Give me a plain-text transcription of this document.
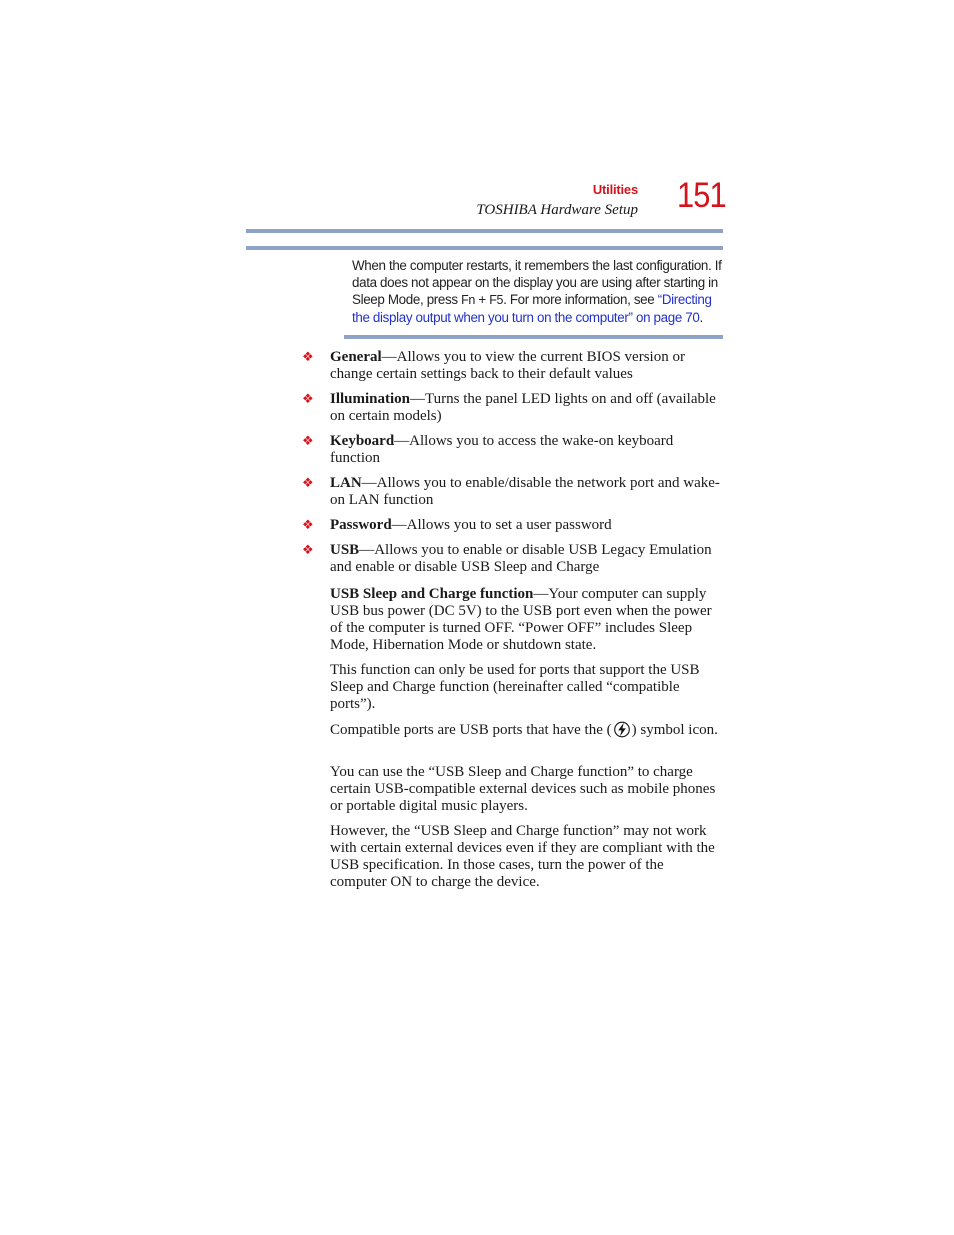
Utilities
TOSHIBA Hardware Setup 151
When the computer restarts, it remembers the last configuration. If data does not appear on the display you are using after starting in Sleep Mode, press Fn + F5. For more information, see “Directing the display output when you turn on the computer” on page 70.
❖ General—Allows you to view the current BIOS version or change certain settings back to their default values
❖ Illumination—Turns the panel LED lights on and off (available on certain models)
❖ Keyboard—Allows you to access the wake-on keyboard function
❖ LAN—Allows you to enable/disable the network port and wake-on LAN function
❖ Password—Allows you to set a user password
❖ USB—Allows you to enable or disable USB Legacy Emulation and enable or disable USB Sleep and Charge
USB Sleep and Charge function—Your computer can supply USB bus power (DC 5V) to the USB port even when the power of the computer is turned OFF. “Power OFF” includes Sleep Mode, Hibernation Mode or shutdown state.
This function can only be used for ports that support the USB Sleep and Charge function (hereinafter called “compatible ports”).
Compatible ports are USB ports that have the ( ) symbol icon.
You can use the “USB Sleep and Charge function” to charge certain USB-compatible external devices such as mobile phones or portable digital music players.
However, the “USB Sleep and Charge function” may not work with certain external devices even if they are compliant with the USB specification. In those cases, turn the power of the computer ON to charge the device.
